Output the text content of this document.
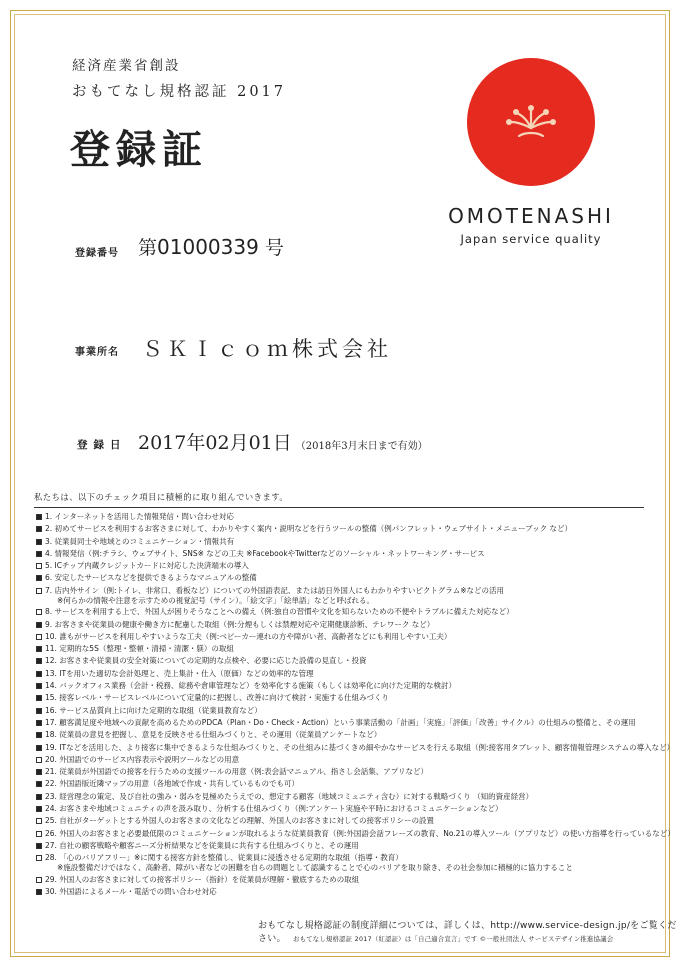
経済産業省創設
おもてなし規格認証 2017
登録証
OMOTENASHI
Japan service quality
登録番号 第01000339 号
事業所名 ＳＫＩｃｏｍ株式会社
登録日 2017年02月01日 （2018年3月末日まで有効）
私たちは、以下のチェック項目に積極的に取り組んでいきます。
1. インターネットを活用した情報発信・問い合わせ対応
2. 初めてサービスを利用するお客さまに対して、わかりやすく案内・説明などを行うツールの整備（例パンフレット・ウェブサイト・メニューブック など）
3. 従業員同士や地域とのコミュニケーション・情報共有
4. 情報発信（例:チラシ、ウェブサイト、SNS※ などの工夫 ※FacebookやTwitterなどのソーシャル・ネットワーキング・サービス
5. ICチップ内蔵クレジットカードに対応した決済端末の導入
6. 安定したサービスなどを提供できるようなマニュアルの整備
7. 店内外サイン（例:トイレ、非常口、看板など）についての外国語表記、または訪日外国人にもわかりやすいピクトグラム※などの活用
※何らかの情報や注意を示すための視覚記号（サイン）。「絵文字」「絵単語」などと呼ばれる。
8. サービスを利用する上で、外国人が困りそうなことへの備え（例:独自の習慣や文化を知らないための不便やトラブルに備えた対応など）
9. お客さまや従業員の健康や働き方に配慮した取組（例:分煙もしくは禁煙対応や定期健康診断、テレワーク など）
10. 誰もがサービスを利用しやすいような工夫（例:ベビーカー連れの方や障がい者、高齢者などにも利用しやすい工夫）
11. 定期的な5S（整理・整頓・清掃・清潔・躾）の取組
12. お客さまや従業員の安全対策についての定期的な点検や、必要に応じた設備の見直し・投資
13. ITを用いた適切な会計処理と、売上集計・仕入（原価）などの効率的な管理
14. バックオフィス業務（会計・税務、総務や倉庫管理など）を効率化する施策（もしくは効率化に向けた定期的な検討）
15. 接客レベル・サービスレベルについて定量的に把握し、改善に向けて検討・実施する仕組みづくり
16. サービス品質向上に向けた定期的な取組（従業員教育など）
17. 顧客満足度や地域への貢献を高めるためのPDCA（Plan・Do・Check・Action）という事業活動の「計画」「実施」「評価」「改善」サイクル）の仕組みの整備と、その運用
18. 従業員の意見を把握し、意見を反映させる仕組みづくりと、その運用（従業員アンケートなど）
19. ITなどを活用した、より接客に集中できるような仕組みづくりと、その仕組みに基づくきめ細やかなサービスを行える取組（例:接客用タブレット、顧客情報管理システムの導入など）
20. 外国語でのサービス内容表示や説明ツールなどの用意
21. 従業員が外国語での接客を行うための支援ツールの用意（例:表会話マニュアル、指さし会話集、アプリなど）
22. 外国語版近隣マップの用意（各地域で作成・共有しているものでも可）
23. 経営理念の策定、及び自社の強み・弱みを見極めたうえでの、想定する顧客（地域コミュニティ含む）に対する戦略づくり （知的資産経営）
24. お客さまや地域コミュニティの声を汲み取り、分析する仕組みづくり（例:アンケート実施や平時におけるコミュニケーションなど）
25. 自社がターゲットとする外国人のお客さまの文化などの理解、外国人のお客さまに対しての接客ポリシーの設置
26. 外国人のお客さまと必要最低限のコミュニケーションが取れるような従業員教育（例:外国語会話フレーズの教育、No.21の導入ツール（アプリなど）の使い方指導を行っているなど）
27. 自社の顧客戦略や顧客ニーズ分析結果などを従業員に共有する仕組みづくりと、その運用
28. 「心のバリアフリー」※に関する接客方針を整備し、従業員に浸透させる定期的な取組（指導・教育）
※施設整備だけではなく、高齢者、障がい者などの困難を自らの問題として認識することで心のバリアを取り除き、その社会参加に積極的に協力すること
29. 外国人のお客さまに対しての接客ポリシー（指針）を従業員が理解・徹底するための取組
30. 外国語によるメール・電話での問い合わせ対応
おもてなし規格認証の制度詳細については、詳しくは、http://www.service-design.jp/をご覧ください。	おもてなし規格認証 2017（紅認証）は「自己適合宣言」です ©一般社団法人 サービスデザイン推進協議会
